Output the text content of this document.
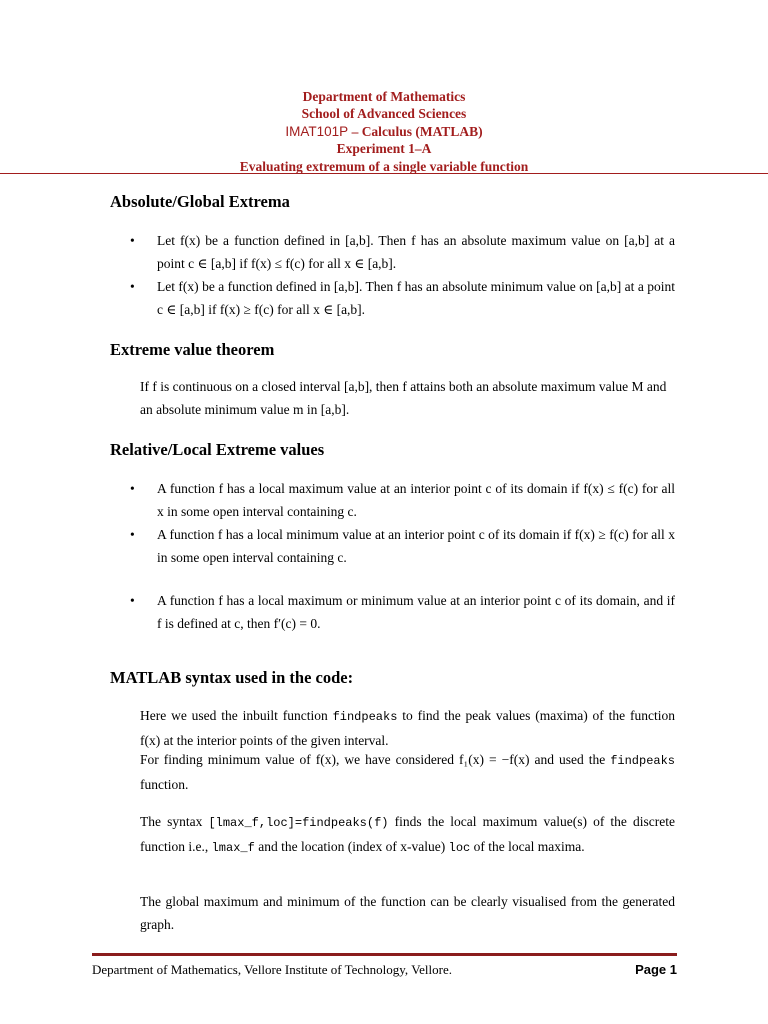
Department of Mathematics
School of Advanced Sciences
IMAT101P – Calculus (MATLAB)
Experiment 1–A
Evaluating extremum of a single variable function
Absolute/Global Extrema
• Let f(x) be a function defined in [a,b]. Then f has an absolute maximum value on [a,b] at a point c ∈ [a,b] if f(x) ≤ f(c) for all x ∈ [a,b].
• Let f(x) be a function defined in [a,b]. Then f has an absolute minimum value on [a,b] at a point c ∈ [a,b] if f(x) ≥ f(c) for all x ∈ [a,b].
Extreme value theorem
If f is continuous on a closed interval [a,b], then f attains both an absolute maximum value M and an absolute minimum value m in [a,b].
Relative/Local Extreme values
• A function f has a local maximum value at an interior point c of its domain if f(x) ≤ f(c) for all x in some open interval containing c.
• A function f has a local minimum value at an interior point c of its domain if f(x) ≥ f(c) for all x in some open interval containing c.
• A function f has a local maximum or minimum value at an interior point c of its domain, and if f is defined at c, then f′(c) = 0.
MATLAB syntax used in the code:
Here we used the inbuilt function findpeaks to find the peak values (maxima) of the function f(x) at the interior points of the given interval.
For finding minimum value of f(x), we have considered f₁(x) = −f(x) and used the findpeaks function.
The syntax [lmax_f,loc]=findpeaks(f) finds the local maximum value(s) of the discrete function i.e., lmax_f and the location (index of x-value) loc of the local maxima.
The global maximum and minimum of the function can be clearly visualised from the generated graph.
Department of Mathematics, Vellore Institute of Technology, Vellore.	Page 1
